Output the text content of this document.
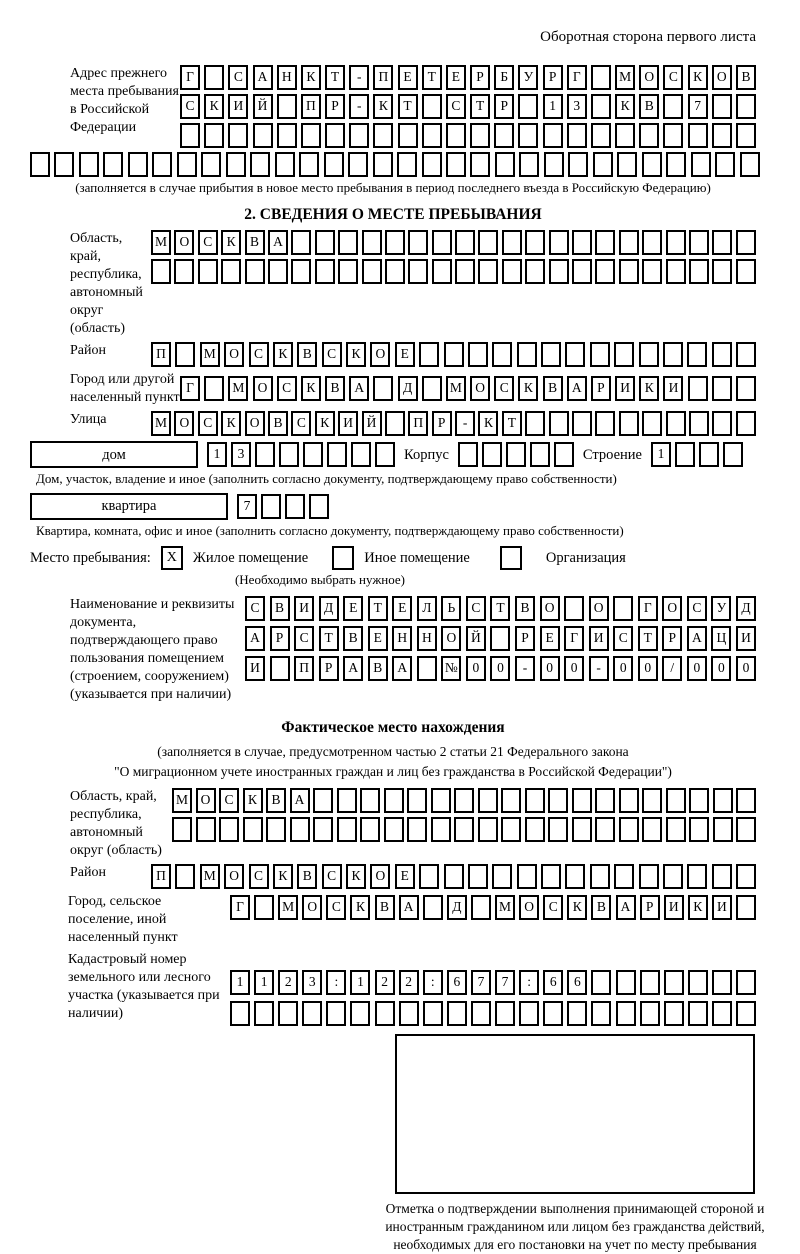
Оборотная сторона первого листа
Адрес прежнего места пребывания в Российской Федерации
Г	С	А	Н	К	Т	-	П	Е	Т	Е	Р	Б	У	Р	Г	М О	С	К	О	В
С	К	И	Й	П	Р	-	К	Т	С	Т	Р	1	3	К	В	7
(заполняется в случае прибытия в новое место пребывания в период последнего въезда в Российскую Федерацию)
2. СВЕДЕНИЯ О МЕСТЕ ПРЕБЫВАНИЯ
Область, край, республика, автономный округ (область)
М О	С	К	В	А
Район	П	М	О	С	К	В	С	К	О	Е
Город или другой населенный пункт
Г	М О	С	К	В	А	Д	М О	С	К	В	А	Р	И	К	И
Улица	М О	С	К	О	В	С	К	И	Й	П	Р	-	К	Т
дом	1	3	Корпус	Строение	1
Дом, участок, владение и иное (заполнить согласно документу, подтверждающему право собственности)
квартира	7
Квартира, комната, офис и иное (заполнить согласно документу, подтверждающему право собственности)
Место пребывания:	X	Жилое помещение	Иное помещение	Организация
(Необходимо выбрать нужное)
Наименование и реквизиты документа, подтверждающего право пользования помещением (строением, сооружением) (указывается при наличии)
С	В	И	Д	Е	Т	Е	Л	Ь	С	Т	В	О	О	Г	О	С	У	Д
А	Р	С	Т	В	Е	Н	Н	О	Й	Р	Е	Г	И	С	Т	Р	А	Ц	И
И	П	Р	А	В	А	№	0	0	-	0	0	-	0	0	/	0	0	0
Фактическое место нахождения
(заполняется в случае, предусмотренном частью 2 статьи 21 Федерального закона
"О миграционном учете иностранных граждан и лиц без гражданства в Российской Федерации")
Область, край, республика, автономный округ (область)
М О	С	К	В	А
Район	П	М	О	С	К	В	С	К	О	Е
Город, сельское поселение, иной населенный пункт
Г	М О	С	К	В	А	Д	М О	С	К	В	А	Р	И	К	И
Кадастровый номер земельного или лесного участка (указывается при наличии)
1	1	2	3	:	1	2	2	:	6	7	7	:	6	6
Отметка о подтверждении выполнения принимающей стороной и иностранным гражданином или лицом без гражданства действий, необходимых для его постановки на учет по месту пребывания
